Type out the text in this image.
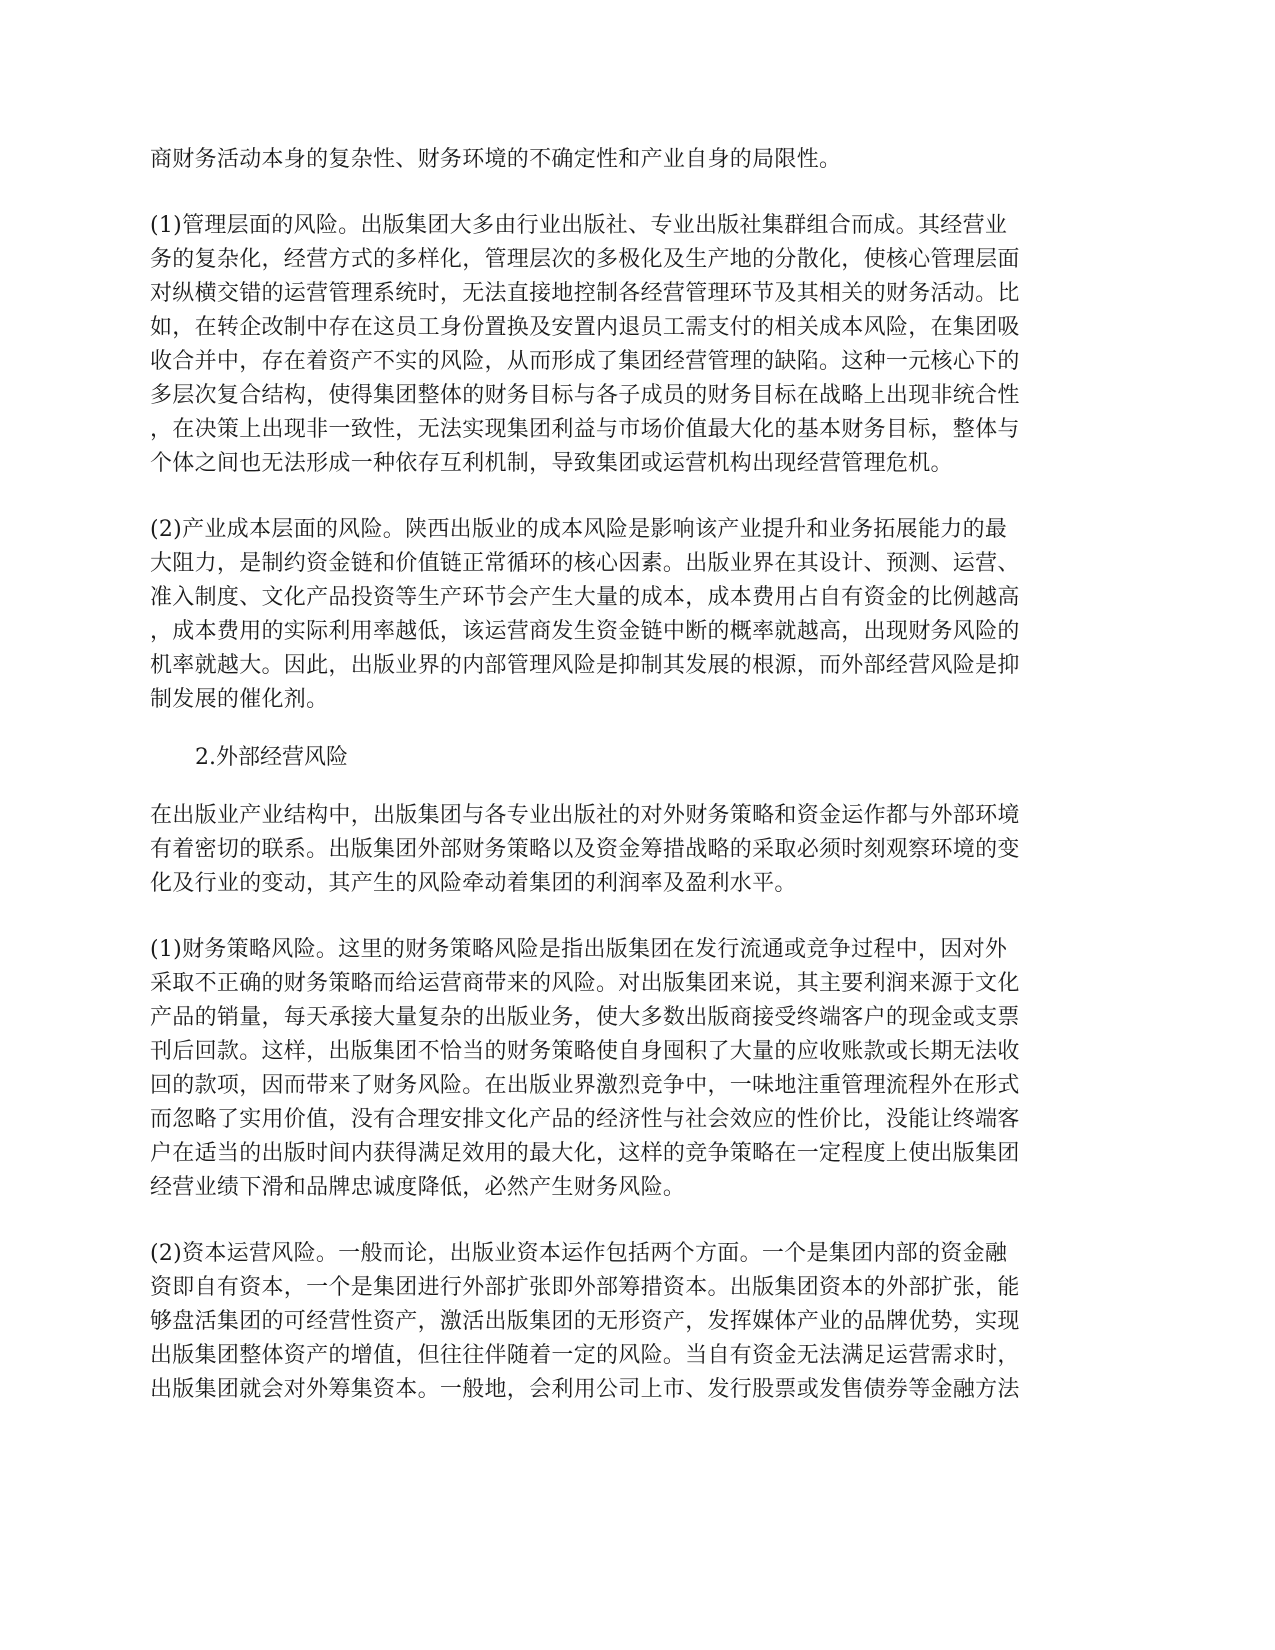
商财务活动本身的复杂性、财务环境的不确定性和产业自身的局限性。

(1)管理层面的风险。出版集团大多由行业出版社、专业出版社集群组合而成。其经营业
务的复杂化，经营方式的多样化，管理层次的多极化及生产地的分散化，使核心管理层面
对纵横交错的运营管理系统时，无法直接地控制各经营管理环节及其相关的财务活动。比
如，在转企改制中存在这员工身份置换及安置内退员工需支付的相关成本风险，在集团吸
收合并中，存在着资产不实的风险，从而形成了集团经营管理的缺陷。这种一元核心下的
多层次复合结构，使得集团整体的财务目标与各子成员的财务目标在战略上出现非统合性
，在决策上出现非一致性，无法实现集团利益与市场价值最大化的基本财务目标，整体与
个体之间也无法形成一种依存互利机制，导致集团或运营机构出现经营管理危机。

(2)产业成本层面的风险。陕西出版业的成本风险是影响该产业提升和业务拓展能力的最
大阻力，是制约资金链和价值链正常循环的核心因素。出版业界在其设计、预测、运营、
准入制度、文化产品投资等生产环节会产生大量的成本，成本费用占自有资金的比例越高
，成本费用的实际利用率越低，该运营商发生资金链中断的概率就越高，出现财务风险的
机率就越大。因此，出版业界的内部管理风险是抑制其发展的根源，而外部经营风险是抑
制发展的催化剂。

2.外部经营风险

在出版业产业结构中，出版集团与各专业出版社的对外财务策略和资金运作都与外部环境
有着密切的联系。出版集团外部财务策略以及资金筹措战略的采取必须时刻观察环境的变
化及行业的变动，其产生的风险牵动着集团的利润率及盈利水平。

(1)财务策略风险。这里的财务策略风险是指出版集团在发行流通或竞争过程中，因对外
采取不正确的财务策略而给运营商带来的风险。对出版集团来说，其主要利润来源于文化
产品的销量，每天承接大量复杂的出版业务，使大多数出版商接受终端客户的现金或支票
刊后回款。这样，出版集团不恰当的财务策略使自身囤积了大量的应收账款或长期无法收
回的款项，因而带来了财务风险。在出版业界激烈竞争中，一味地注重管理流程外在形式
而忽略了实用价值，没有合理安排文化产品的经济性与社会效应的性价比，没能让终端客
户在适当的出版时间内获得满足效用的最大化，这样的竞争策略在一定程度上使出版集团
经营业绩下滑和品牌忠诚度降低，必然产生财务风险。

(2)资本运营风险。一般而论，出版业资本运作包括两个方面。一个是集团内部的资金融
资即自有资本，一个是集团进行外部扩张即外部筹措资本。出版集团资本的外部扩张，能
够盘活集团的可经营性资产，激活出版集团的无形资产，发挥媒体产业的品牌优势，实现
出版集团整体资产的增值，但往往伴随着一定的风险。当自有资金无法满足运营需求时，
出版集团就会对外筹集资本。一般地，会利用公司上市、发行股票或发售债券等金融方法
